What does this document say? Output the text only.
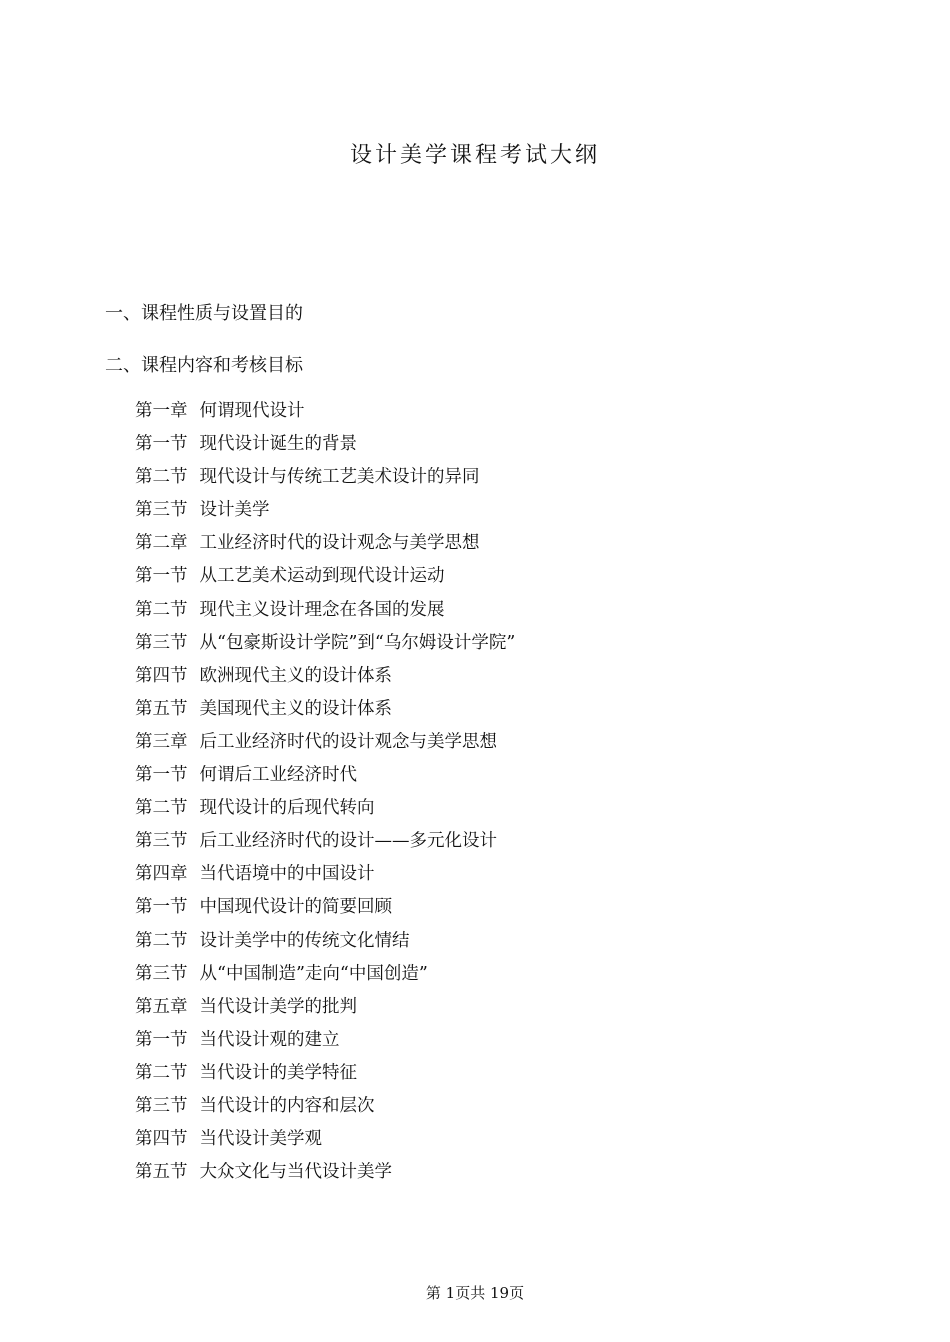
设计美学课程考试大纲
一、课程性质与设置目的
二、课程内容和考核目标
第一章 何谓现代设计
第一节 现代设计诞生的背景
第二节 现代设计与传统工艺美术设计的异同
第三节 设计美学
第二章 工业经济时代的设计观念与美学思想
第一节 从工艺美术运动到现代设计运动
第二节 现代主义设计理念在各国的发展
第三节 从“包豪斯设计学院”到“乌尔姆设计学院”
第四节 欧洲现代主义的设计体系
第五节 美国现代主义的设计体系
第三章 后工业经济时代的设计观念与美学思想
第一节 何谓后工业经济时代
第二节 现代设计的后现代转向
第三节 后工业经济时代的设计——多元化设计
第四章 当代语境中的中国设计
第一节 中国现代设计的简要回顾
第二节 设计美学中的传统文化情结
第三节 从“中国制造”走向“中国创造”
第五章 当代设计美学的批判
第一节 当代设计观的建立
第二节 当代设计的美学特征
第三节 当代设计的内容和层次
第四节 当代设计美学观
第五节 大众文化与当代设计美学
第 1页共 19页
